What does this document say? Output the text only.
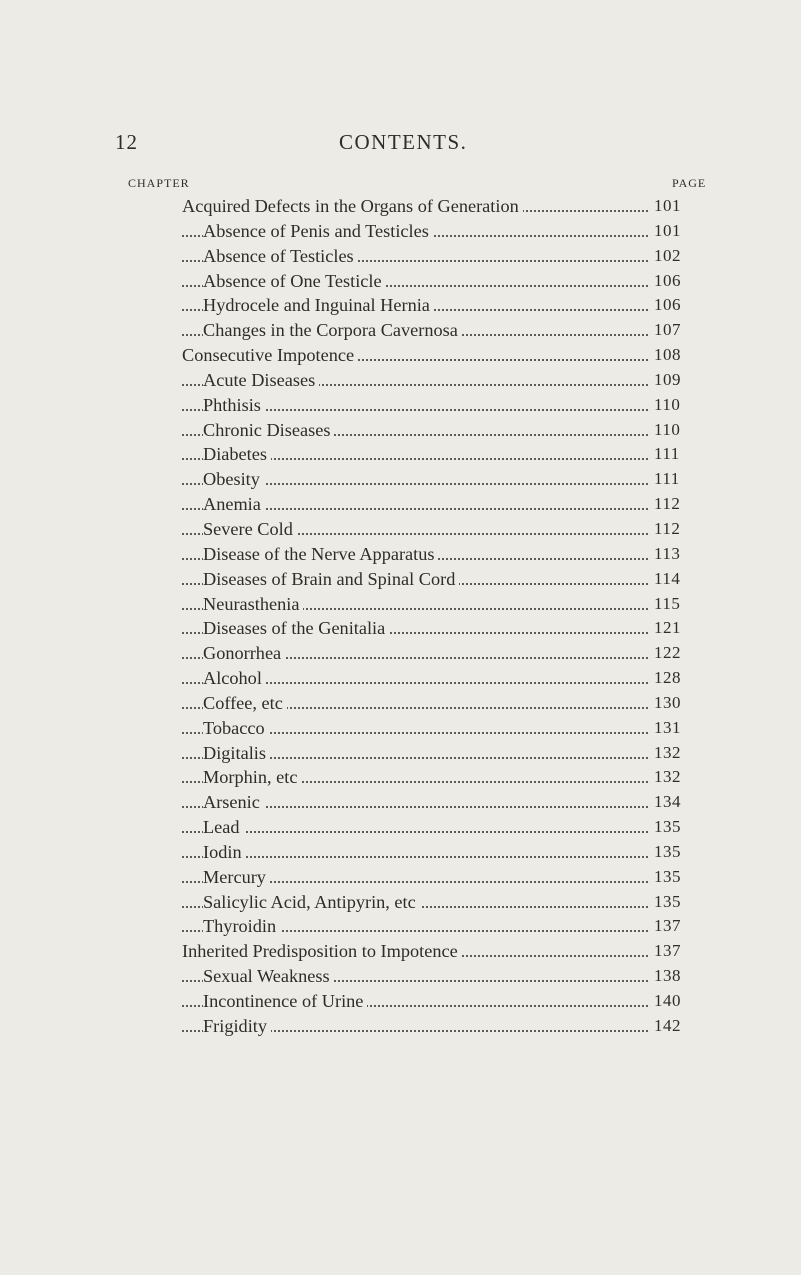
12	CONTENTS.
CHAPTER	PAGE
Acquired Defects in the Organs of Generation	101
Absence of Penis and Testicles	101
Absence of Testicles	102
Absence of One Testicle	106
Hydrocele and Inguinal Hernia	106
Changes in the Corpora Cavernosa	107
Consecutive Impotence	108
Acute Diseases	109
Phthisis	110
Chronic Diseases	110
Diabetes	111
Obesity	111
Anemia	112
Severe Cold	112
Disease of the Nerve Apparatus	113
Diseases of Brain and Spinal Cord	114
Neurasthenia	115
Diseases of the Genitalia	121
Gonorrhea	122
Alcohol	128
Coffee, etc	130
Tobacco	131
Digitalis	132
Morphin, etc	132
Arsenic	134
Lead	135
Iodin	135
Mercury	135
Salicylic Acid, Antipyrin, etc	135
Thyroidin	137
Inherited Predisposition to Impotence	137
Sexual Weakness	138
Incontinence of Urine	140
Frigidity	142
